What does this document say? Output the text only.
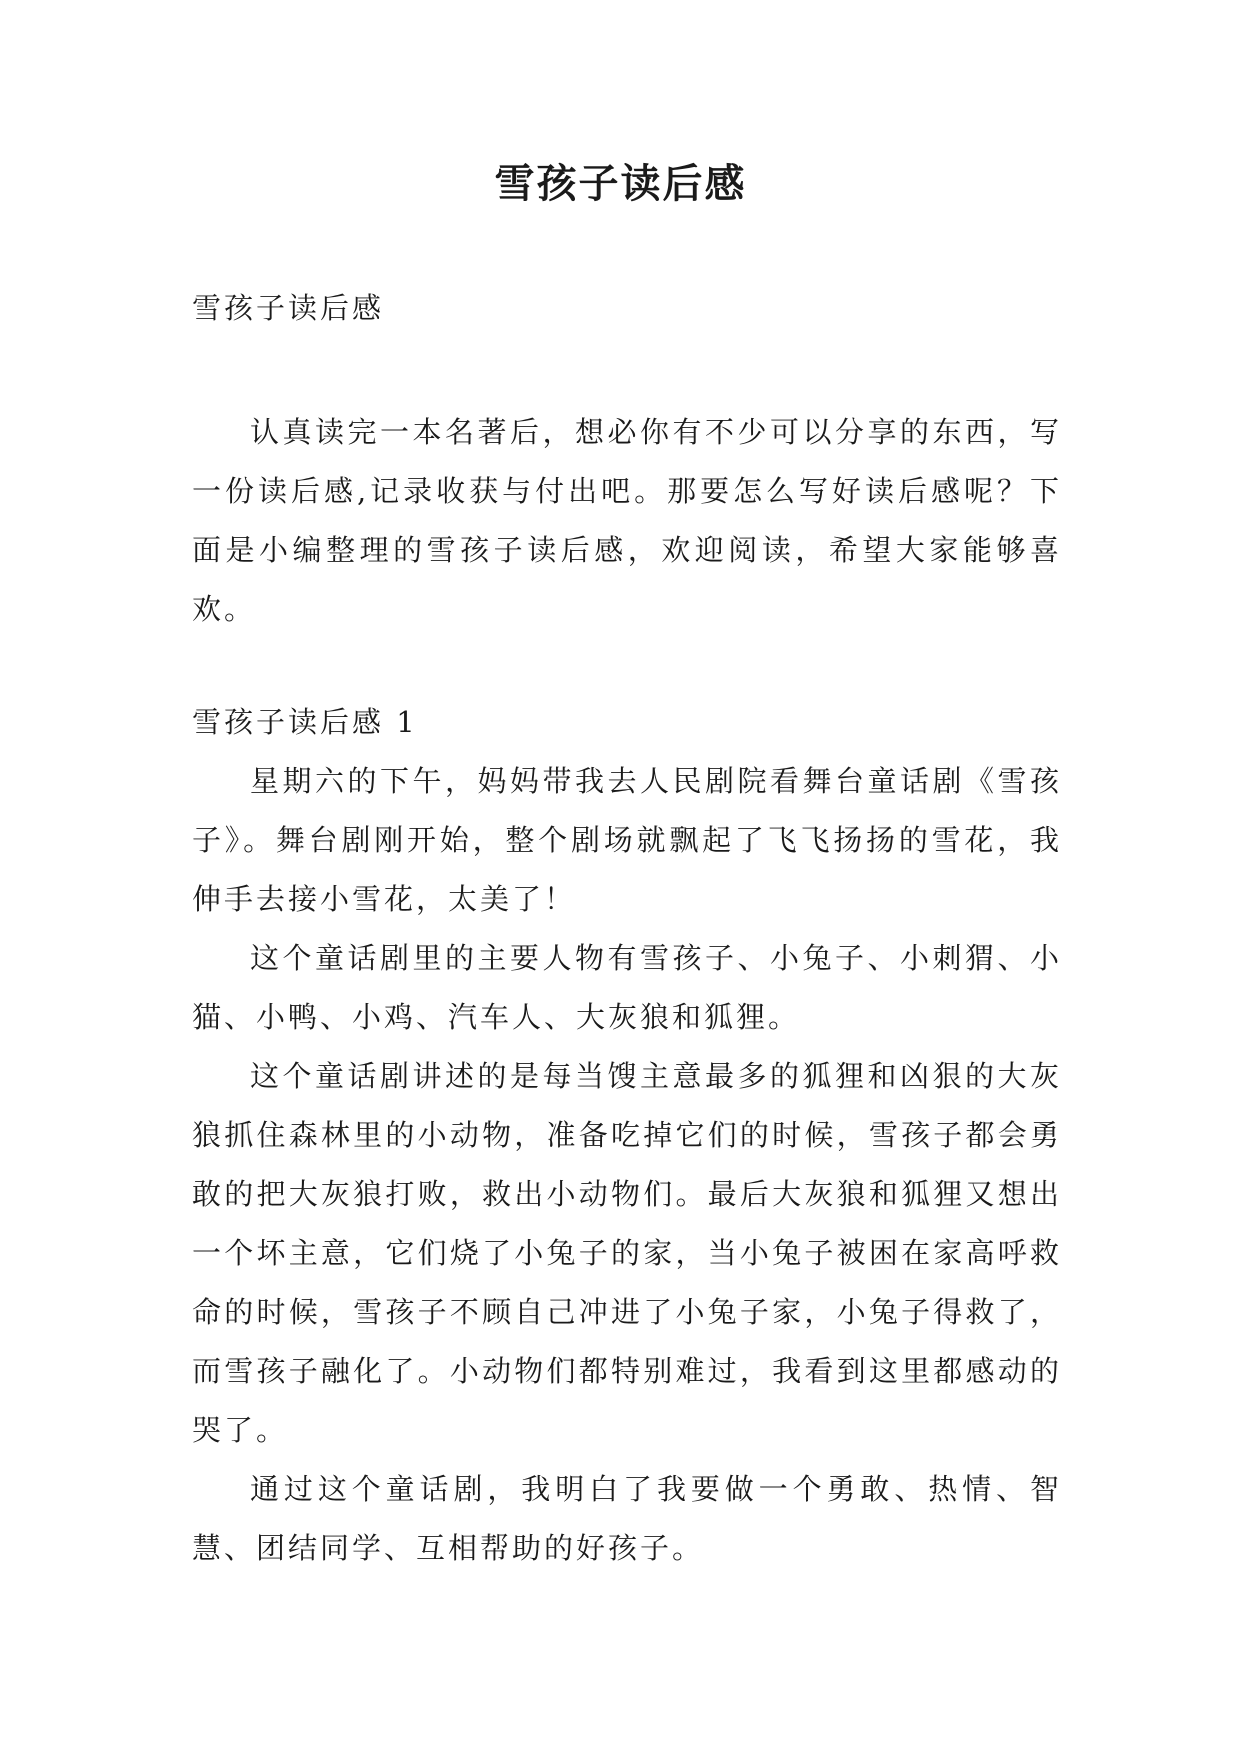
雪孩子读后感

雪孩子读后感

认真读完一本名著后，想必你有不少可以分享的东西，写一份读后感,记录收获与付出吧。那要怎么写好读后感呢？下面是小编整理的雪孩子读后感，欢迎阅读，希望大家能够喜欢。

雪孩子读后感 1

星期六的下午，妈妈带我去人民剧院看舞台童话剧《雪孩子》。舞台剧刚开始，整个剧场就飘起了飞飞扬扬的雪花，我伸手去接小雪花，太美了！

这个童话剧里的主要人物有雪孩子、小兔子、小刺猬、小猫、小鸭、小鸡、汽车人、大灰狼和狐狸。

这个童话剧讲述的是每当馊主意最多的狐狸和凶狠的大灰狼抓住森林里的小动物，准备吃掉它们的时候，雪孩子都会勇敢的把大灰狼打败，救出小动物们。最后大灰狼和狐狸又想出一个坏主意，它们烧了小兔子的家，当小兔子被困在家高呼救命的时候，雪孩子不顾自己冲进了小兔子家，小兔子得救了，而雪孩子融化了。小动物们都特别难过，我看到这里都感动的哭了。

通过这个童话剧，我明白了我要做一个勇敢、热情、智慧、团结同学、互相帮助的好孩子。
